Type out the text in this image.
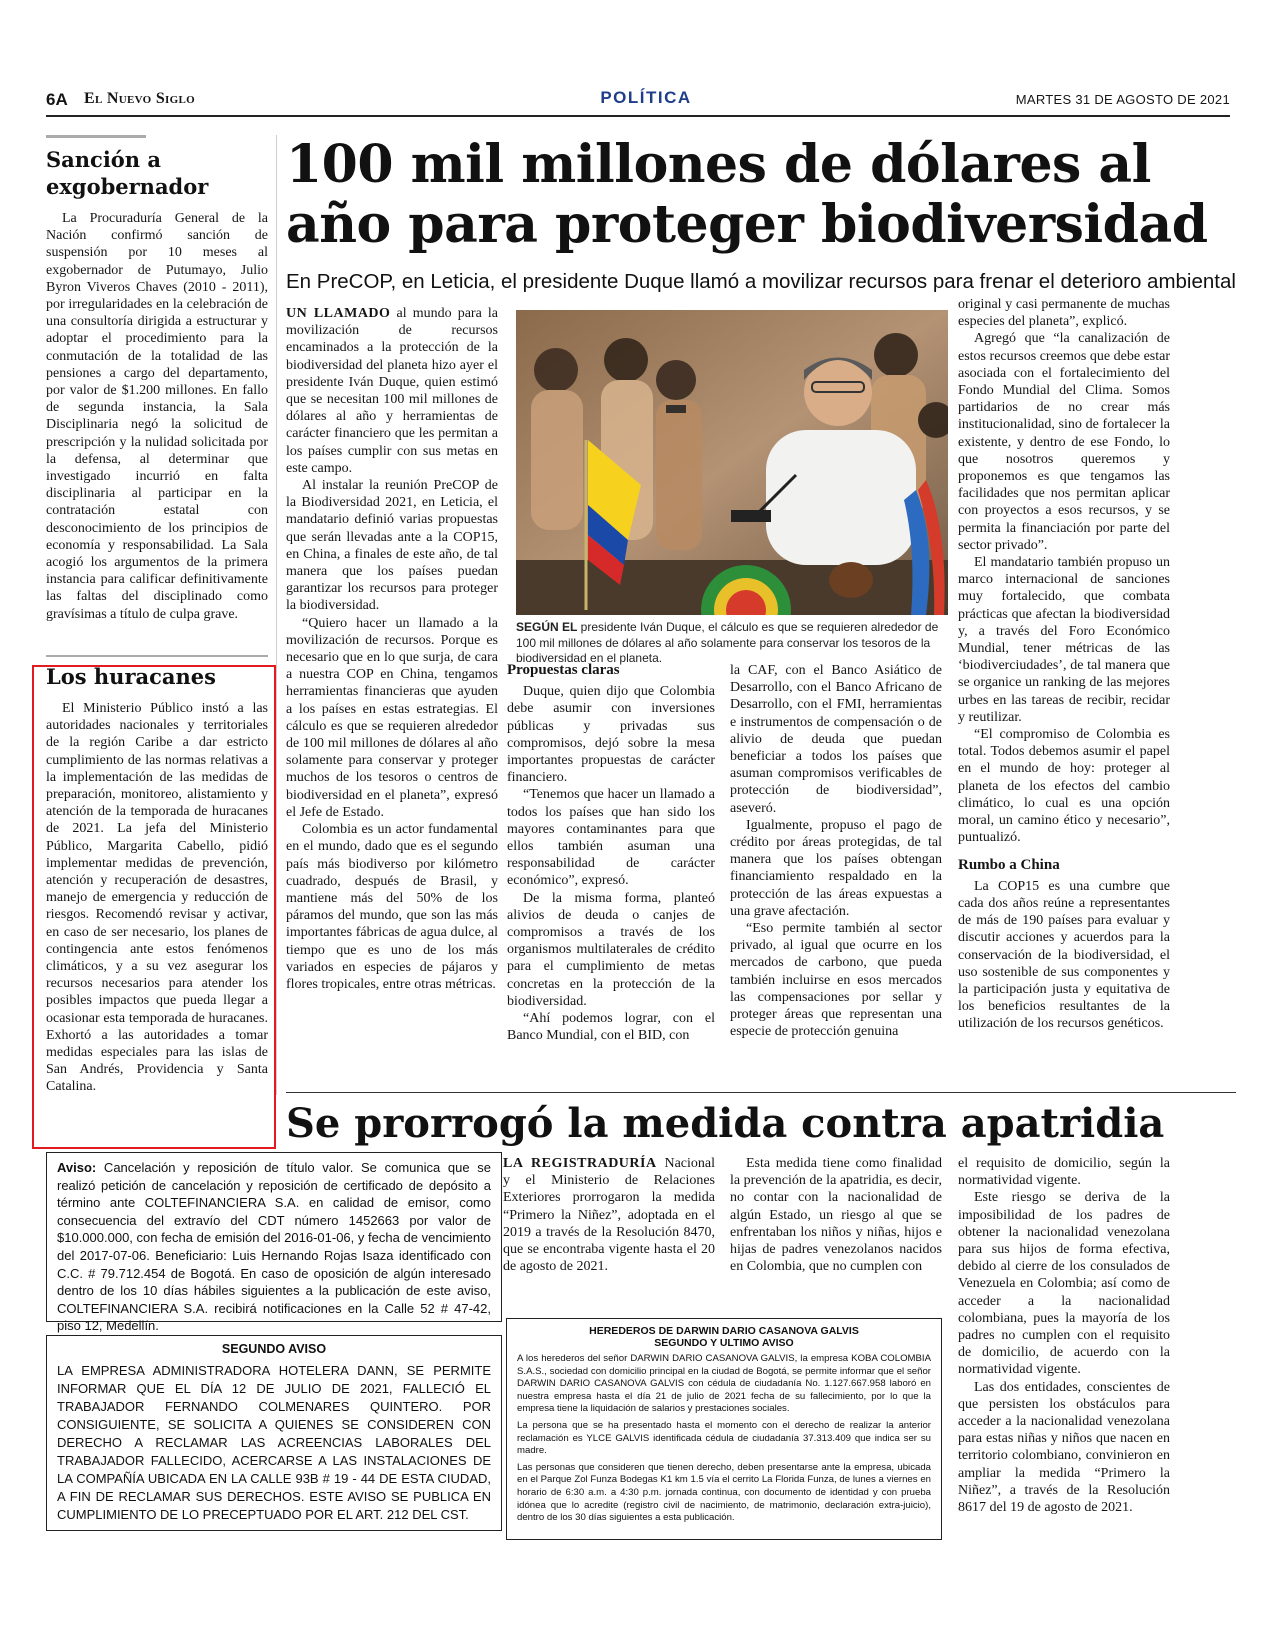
6A El Nuevo Siglo	POLÍTICA	MARTES 31 DE AGOSTO DE 2021
Sanción a exgobernador

La Procuraduría General de la Nación confirmó sanción de suspensión por 10 meses al exgobernador de Putumayo, Julio Byron Viveros Chaves (2010 - 2011), por irregularidades en la celebración de una consultoría dirigida a estructurar y adoptar el procedimiento para la conmutación de la totalidad de las pensiones a cargo del departamento, por valor de $1.200 millones. En fallo de segunda instancia, la Sala Disciplinaria negó la solicitud de prescripción y la nulidad solicitada por la defensa, al determinar que investigado incurrió en falta disciplinaria al participar en la contratación estatal con desconocimiento de los principios de economía y responsabilidad. La Sala acogió los argumentos de la primera instancia para calificar definitivamente las faltas del disciplinado como gravísimas a título de culpa grave.

Los huracanes

El Ministerio Público instó a las autoridades nacionales y territoriales de la región Caribe a dar estricto cumplimiento de las normas relativas a la implementación de las medidas de preparación, monitoreo, alistamiento y atención de la temporada de huracanes de 2021. La jefa del Ministerio Público, Margarita Cabello, pidió implementar medidas de prevención, atención y recuperación de desastres, manejo de emergencia y reducción de riesgos. Recomendó revisar y activar, en caso de ser necesario, los planes de contingencia ante estos fenómenos climáticos, y a su vez asegurar los recursos necesarios para atender los posibles impactos que pueda llegar a ocasionar esta temporada de huracanes. Exhortó a las autoridades a tomar medidas especiales para las islas de San Andrés, Providencia y Santa Catalina.

100 mil millones de dólares al año para proteger biodiversidad
En PreCOP, en Leticia, el presidente Duque llamó a movilizar recursos para frenar el deterioro ambiental

UN LLAMADO al mundo para la movilización de recursos encaminados a la protección de la biodiversidad del planeta hizo ayer el presidente Iván Duque, quien estimó que se necesitan 100 mil millones de dólares al año y herramientas de carácter financiero que les permitan a los países cumplir con sus metas en este campo.

Al instalar la reunión PreCOP de la Biodiversidad 2021, en Leticia, el mandatario definió varias propuestas que serán llevadas ante a la COP15, en China, a finales de este año, de tal manera que los países puedan garantizar los recursos para proteger la biodiversidad.

“Quiero hacer un llamado a la movilización de recursos. Porque es necesario que en lo que surja, de cara a nuestra COP en China, tengamos herramientas financieras que ayuden a los países en estas estrategias. El cálculo es que se requieren alrededor de 100 mil millones de dólares al año solamente para conservar y proteger muchos de los tesoros o centros de biodiversidad en el planeta”, expresó el Jefe de Estado.

Colombia es un actor fundamental en el mundo, dado que es el segundo país más biodiverso por kilómetro cuadrado, después de Brasil, y mantiene más del 50% de los páramos del mundo, que son las más importantes fábricas de agua dulce, al tiempo que es uno de los más variados en especies de pájaros y flores tropicales, entre otras métricas.

SEGÚN EL presidente Iván Duque, el cálculo es que se requieren alrededor de 100 mil millones de dólares al año solamente para conservar los tesoros de la biodiversidad en el planeta.
Propuestas claras

Duque, quien dijo que Colombia debe asumir con inversiones públicas y privadas sus compromisos, dejó sobre la mesa importantes propuestas de carácter financiero.

“Tenemos que hacer un llamado a todos los países que han sido los mayores contaminantes para que ellos también asuman una responsabilidad de carácter económico”, expresó.

De la misma forma, planteó alivios de deuda o canjes de compromisos a través de los organismos multilaterales de crédito para el cumplimiento de metas concretas en la protección de la biodiversidad.

“Ahí podemos lograr, con el Banco Mundial, con el BID, con

la CAF, con el Banco Asiático de Desarrollo, con el Banco Africano de Desarrollo, con el FMI, herramientas e instrumentos de compensación o de alivio de deuda que puedan beneficiar a todos los países que asuman compromisos verificables de protección de biodiversidad”, aseveró.

Igualmente, propuso el pago de crédito por áreas protegidas, de tal manera que los países obtengan financiamiento respaldado en la protección de las áreas expuestas a una grave afectación.

“Eso permite también al sector privado, al igual que ocurre en los mercados de carbono, que pueda también incluirse en esos mercados las compensaciones por sellar y proteger áreas que representan una especie de protección genuina

original y casi permanente de muchas especies del planeta”, explicó.

Agregó que “la canalización de estos recursos creemos que debe estar asociada con el fortalecimiento del Fondo Mundial del Clima. Somos partidarios de no crear más institucionalidad, sino de fortalecer la existente, y dentro de ese Fondo, lo que nosotros queremos y proponemos es que tengamos las facilidades que nos permitan aplicar con proyectos a esos recursos, y se permita la financiación por parte del sector privado”.

El mandatario también propuso un marco internacional de sanciones muy fortalecido, que combata prácticas que afectan la biodiversidad y, a través del Foro Económico Mundial, tener métricas de las ‘biodiverciudades’, de tal manera que se organice un ranking de las mejores urbes en las tareas de recibir, recidar y reutilizar.

“El compromiso de Colombia es total. Todos debemos asumir el papel en el mundo de hoy: proteger al planeta de los efectos del cambio climático, lo cual es una opción moral, un camino ético y necesario”, puntualizó.

Rumbo a China

La COP15 es una cumbre que cada dos años reúne a representantes de más de 190 países para evaluar y discutir acciones y acuerdos para la conservación de la biodiversidad, el uso sostenible de sus componentes y la participación justa y equitativa de los beneficios resultantes de la utilización de los recursos genéticos.

Se prorrogó la medida contra apatridia

LA REGISTRADURÍA Nacional y el Ministerio de Relaciones Exteriores prorrogaron la medida “Primero la Niñez”, adoptada en el 2019 a través de la Resolución 8470, que se encontraba vigente hasta el 20 de agosto de 2021.

Esta medida tiene como finalidad la prevención de la apatridia, es decir, no contar con la nacionalidad de algún Estado, un riesgo al que se enfrentaban los niños y niñas, hijos e hijas de padres venezolanos nacidos en Colombia, que no cumplen con

el requisito de domicilio, según la normatividad vigente.

Este riesgo se deriva de la imposibilidad de los padres de obtener la nacionalidad venezolana para sus hijos de forma efectiva, debido al cierre de los consulados de Venezuela en Colombia; así como de acceder a la nacionalidad colombiana, pues la mayoría de los padres no cumplen con el requisito de domicilio, de acuerdo con la normatividad vigente.

Las dos entidades, conscientes de que persisten los obstáculos para acceder a la nacionalidad venezolana para estas niñas y niños que nacen en territorio colombiano, convinieron en ampliar la medida “Primero la Niñez”, a través de la Resolución 8617 del 19 de agosto de 2021.

Aviso: Cancelación y reposición de título valor. Se comunica que se realizó petición de cancelación y reposición de certificado de depósito a término ante COLTEFINANCIERA S.A. en calidad de emisor, como consecuencia del extravío del CDT número 1452663 por valor de $10.000.000, con fecha de emisión del 2016-01-06, y fecha de vencimiento del 2017-07-06. Beneficiario: Luis Hernando Rojas Isaza identificado con C.C. # 79.712.454 de Bogotá. En caso de oposición de algún interesado dentro de los 10 días hábiles siguientes a la publicación de este aviso, COLTEFINANCIERA S.A. recibirá notificaciones en la Calle 52 # 47-42, piso 12, Medellín.
SEGUNDO AVISO
LA EMPRESA ADMINISTRADORA HOTELERA DANN, SE PERMITE INFORMAR QUE EL DÍA 12 DE JULIO DE 2021, FALLECIÓ EL TRABAJADOR FERNANDO COLMENARES QUINTERO. POR CONSIGUIENTE, SE SOLICITA A QUIENES SE CONSIDEREN CON DERECHO A RECLAMAR LAS ACREENCIAS LABORALES DEL TRABAJADOR FALLECIDO, ACERCARSE A LAS INSTALACIONES DE LA COMPAÑÍA UBICADA EN LA CALLE 93B # 19 - 44 DE ESTA CIUDAD, A FIN DE RECLAMAR SUS DERECHOS. ESTE AVISO SE PUBLICA EN CUMPLIMIENTO DE LO PRECEPTUADO POR EL ART. 212 DEL CST.
HEREDEROS DE DARWIN DARIO CASANOVA GALVIS
SEGUNDO Y ULTIMO AVISO
A los herederos del señor DARWIN DARIO CASANOVA GALVIS, la empresa KOBA COLOMBIA S.A.S., sociedad con domicilio principal en la ciudad de Bogotá, se permite informar que el señor DARWIN DARIO CASANOVA GALVIS con cédula de ciudadanía No. 1.127.667.958 laboró en nuestra empresa hasta el día 21 de julio de 2021 fecha de su fallecimiento, por lo que la empresa tiene la liquidación de salarios y prestaciones sociales.
La persona que se ha presentado hasta el momento con el derecho de realizar la anterior reclamación es YLCE GALVIS identificada cédula de ciudadanía 37.313.409 que indica ser su madre.
Las personas que consideren que tienen derecho, deben presentarse ante la empresa, ubicada en el Parque Zol Funza Bodegas K1 km 1.5 vía el cerrito La Florida Funza, de lunes a viernes en horario de 6:30 a.m. a 4:30 p.m. jornada continua, con documento de identidad y con prueba idónea que lo acredite (registro civil de nacimiento, de matrimonio, declaración extra-juicio), dentro de los 30 días siguientes a esta publicación.
